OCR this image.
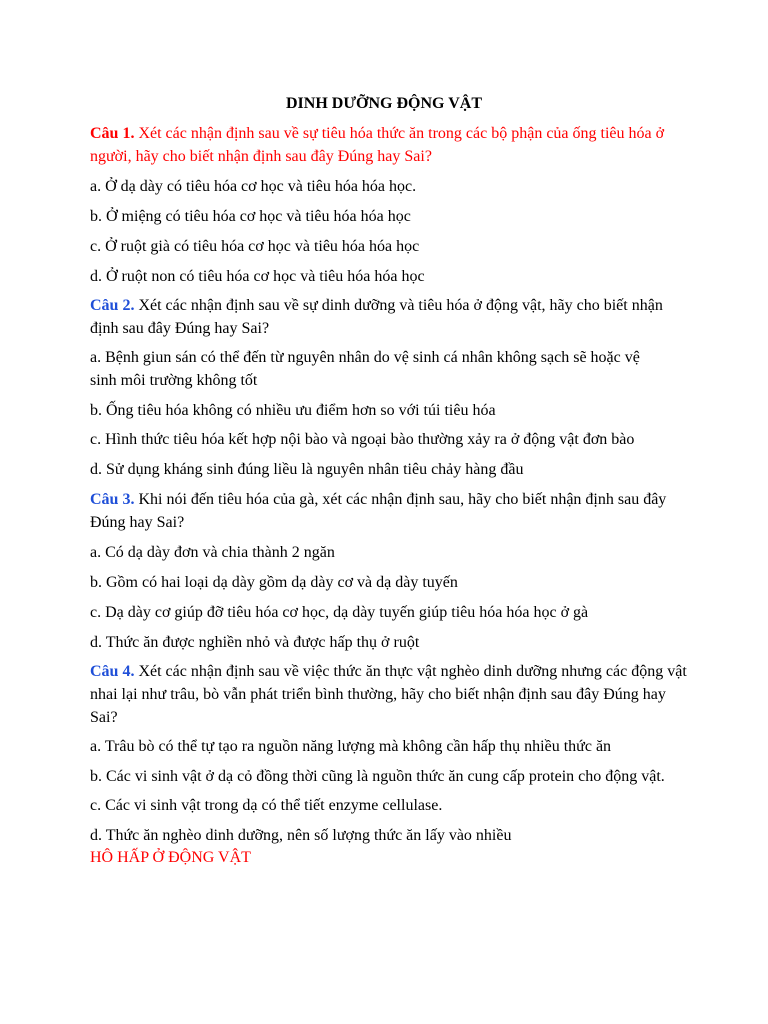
DINH DƯỠNG ĐỘNG VẬT

Câu 1. Xét các nhận định sau về sự tiêu hóa thức ăn trong các bộ phận của ống tiêu hóa ở người, hãy cho biết nhận định sau đây Đúng hay Sai?

a. Ở dạ dày có tiêu hóa cơ học và tiêu hóa hóa học.
b. Ở miệng có tiêu hóa cơ học và tiêu hóa hóa học
c. Ở ruột già có tiêu hóa cơ học và tiêu hóa hóa học
d. Ở ruột non có tiêu hóa cơ học và tiêu hóa hóa học

Câu 2. Xét các nhận định sau về sự dinh dưỡng và tiêu hóa ở động vật, hãy cho biết nhận định sau đây Đúng hay Sai?

a. Bệnh giun sán có thể đến từ nguyên nhân do vệ sinh cá nhân không sạch sẽ hoặc vệ sinh môi trường không tốt
b. Ống tiêu hóa không có nhiều ưu điểm hơn so với túi tiêu hóa
c. Hình thức tiêu hóa kết hợp nội bào và ngoại bào thường xảy ra ở động vật đơn bào
d. Sử dụng kháng sinh đúng liều là nguyên nhân tiêu chảy hàng đầu

Câu 3. Khi nói đến tiêu hóa của gà, xét các nhận định sau, hãy cho biết nhận định sau đây Đúng hay Sai?

a. Có dạ dày đơn và chia thành 2 ngăn
b. Gồm có hai loại dạ dày gồm dạ dày cơ và dạ dày tuyến
c. Dạ dày cơ giúp đỡ tiêu hóa cơ học, dạ dày tuyến giúp tiêu hóa hóa học ở gà
d. Thức ăn được nghiền nhỏ và được hấp thụ ở ruột

Câu 4. Xét các nhận định sau về việc thức ăn thực vật nghèo dinh dưỡng nhưng các động vật nhai lại như trâu, bò vẫn phát triển bình thường, hãy cho biết nhận định sau đây Đúng hay Sai?

a. Trâu bò có thể tự tạo ra nguồn năng lượng mà không cần hấp thụ nhiều thức ăn
b. Các vi sinh vật ở dạ cỏ đồng thời cũng là nguồn thức ăn cung cấp protein cho động vật.
c. Các vi sinh vật trong dạ có thể tiết enzyme cellulase.
d. Thức ăn nghèo dinh dưỡng, nên số lượng thức ăn lấy vào nhiều
HÔ HẤP Ở ĐỘNG VẬT
